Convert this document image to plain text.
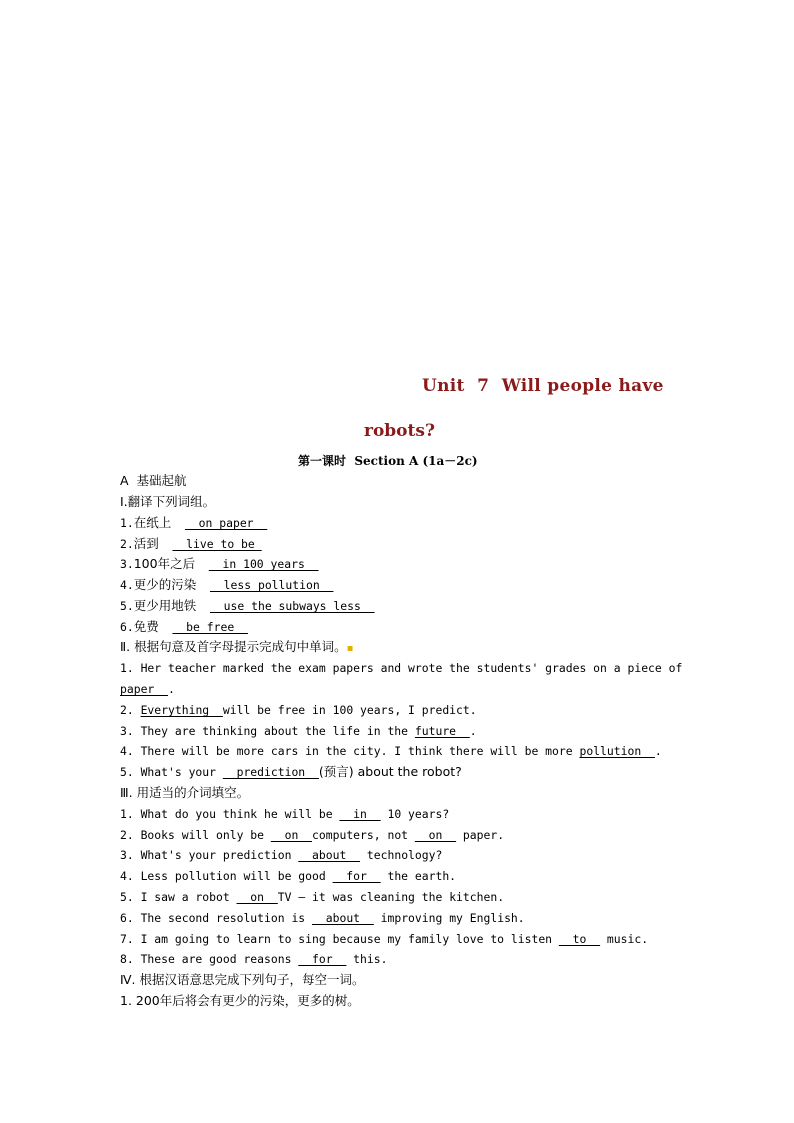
Unit  7  Will people have
robots?
第一课时  Section A (1a－2c)
A  基础起航
Ⅰ.翻译下列词组。
1.在纸上 __on paper__
2.活到 __live to be_
3.100年之后 __in 100 years__
4.更少的污染 __less pollution__
5.更少用地铁 __use the subways less__
6.免费 __be free__
Ⅱ. 根据句意及首字母提示完成句中单词。▪
1. Her teacher marked the exam papers and wrote the students' grades on a piece of
paper__.
2. Everything__will be free in 100 years, I predict.
3. They are thinking about the life in the future__.
4. There will be more cars in the city. I think there will be more pollution__.
5. What's your __prediction__(预言) about the robot?
Ⅲ. 用适当的介词填空。
1. What do you think he will be __in__ 10 years?
2. Books will only be __on__computers, not __on__ paper.
3. What's your prediction __about__ technology?
4. Less pollution will be good __for__ the earth.
5. I saw a robot __on__TV — it was cleaning the kitchen.
6. The second resolution is __about__ improving my English.
7. I am going to learn to sing because my family love to listen __to__ music.
8. These are good reasons __for__ this.
Ⅳ. 根据汉语意思完成下列句子，每空一词。
1. 200年后将会有更少的污染，更多的树。
